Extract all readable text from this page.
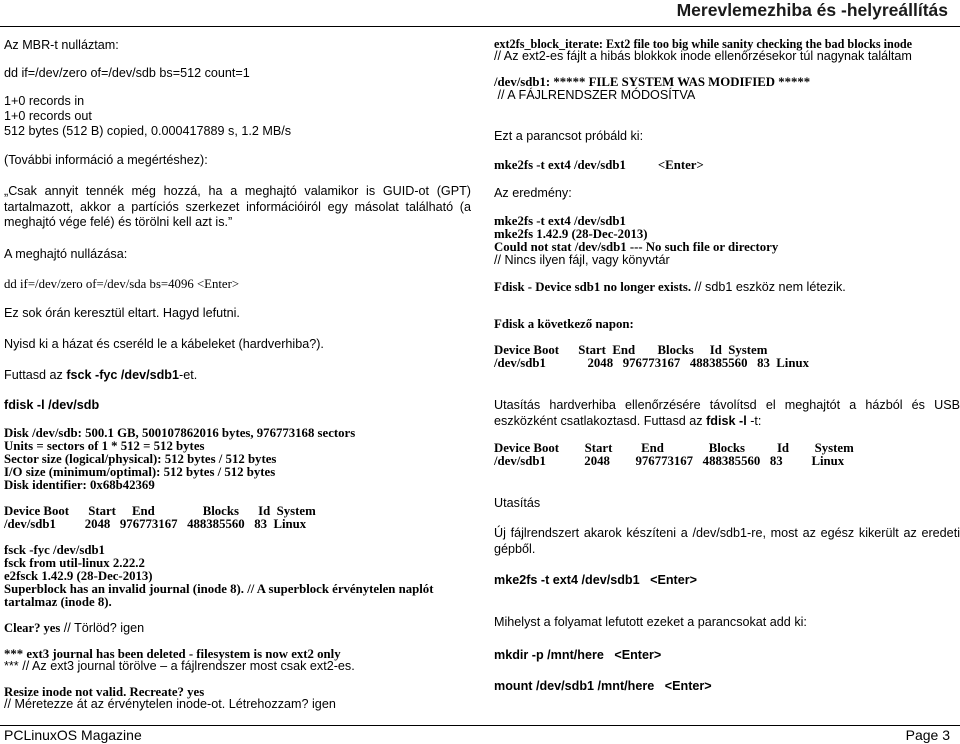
Merevlemezhiba és -helyreállítás
Az MBR-t nulláztam:
dd if=/dev/zero of=/dev/sdb bs=512 count=1
1+0 records in
1+0 records out
512 bytes (512 B) copied, 0.000417889 s, 1.2 MB/s
(További információ a megértéshez):
„Csak annyit tennék még hozzá, ha a meghajtó valamikor is GUID-ot (GPT) tartalmazott, akkor a partíciós szerkezet információiról egy másolat található (a meghajtó vége felé) és törölni kell azt is.”
A meghajtó nullázása:
dd if=/dev/zero of=/dev/sda bs=4096 <Enter>
Ez sok órán keresztül eltart. Hagyd lefutni.
Nyisd ki a házat és cseréld le a kábeleket (hardverhiba?).
Futtasd az fsck -fyc /dev/sdb1-et.
fdisk -l /dev/sdb
Disk /dev/sdb: 500.1 GB, 500107862016 bytes, 976773168 sectors
Units = sectors of 1 * 512 = 512 bytes
Sector size (logical/physical): 512 bytes / 512 bytes
I/O size (minimum/optimal): 512 bytes / 512 bytes
Disk identifier: 0x68b42369
Device Boot      Start     End               Blocks      Id  System
/dev/sdb1         2048   976773167   488385560   83  Linux
fsck -fyc /dev/sdb1
fsck from util-linux 2.22.2
e2fsck 1.42.9 (28-Dec-2013)
Superblock has an invalid journal (inode 8). // A superblock érvénytelen naplót tartalmaz (inode 8).
Clear? yes // Törlöd? igen
*** ext3 journal has been deleted - filesystem is now ext2 only
*** // Az ext3 journal törölve – a fájlrendszer most csak ext2-es.
Resize inode not valid. Recreate? yes
// Méretezze át az érvénytelen inode-ot. Létrehozzam? igen
ext2fs_block_iterate: Ext2 file too big while sanity checking the bad blocks inode
// Az ext2-es fájlt a hibás blokkok inode ellenőrzésekor túl nagynak találtam
/dev/sdb1: ***** FILE SYSTEM WAS MODIFIED *****
// A FÁJLRENDSZER MÓDOSÍTVA
Ezt a parancsot próbáld ki:
mke2fs -t ext4 /dev/sdb1	<Enter>
Az eredmény:
mke2fs -t ext4 /dev/sdb1
mke2fs 1.42.9 (28-Dec-2013)
Could not stat /dev/sdb1 --- No such file or directory
// Nincs ilyen fájl, vagy könyvtár
Fdisk - Device sdb1 no longer exists. // sdb1 eszköz nem létezik.
Fdisk a következő napon:
Device Boot      Start  End       Blocks     Id  System
/dev/sdb1             2048   976773167   488385560   83  Linux
Utasítás hardverhiba ellenőrzésére távolítsd el meghajtót a házból és USB eszközként csatlakoztasd. Futtasd az fdisk -l -t:
Device Boot        Start         End              Blocks          Id        System
/dev/sdb1            2048        976773167   488385560   83         Linux
Utasítás
Új fájlrendszert akarok készíteni a /dev/sdb1-re, most az egész kikerült az eredeti gépből.
mke2fs -t ext4 /dev/sdb1   <Enter>
Mihelyst a folyamat lefutott ezeket a parancsokat add ki:
mkdir -p /mnt/here   <Enter>
mount /dev/sdb1 /mnt/here   <Enter>
PCLinuxOS Magazine	Page 3
